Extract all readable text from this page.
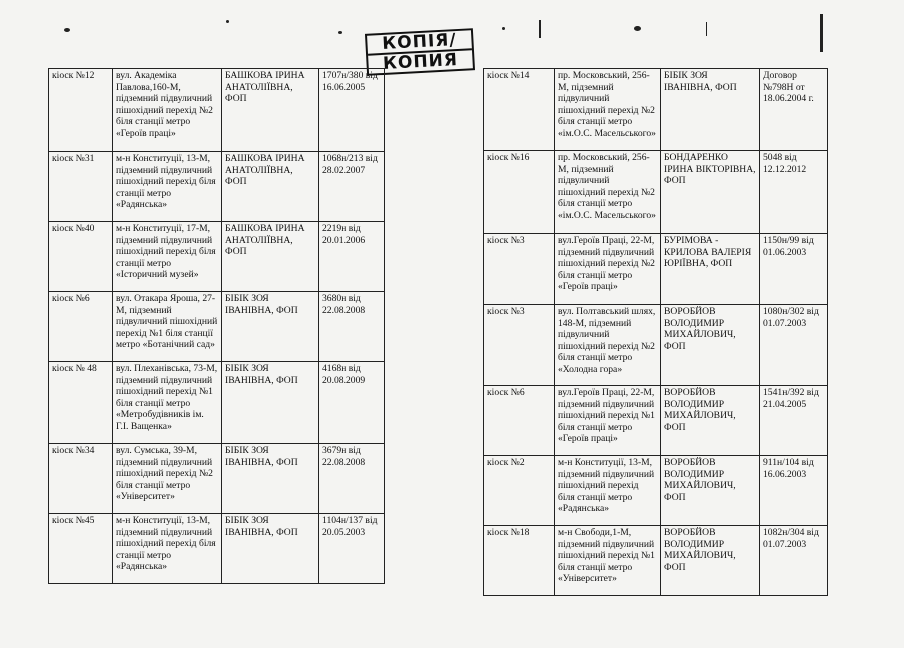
КОПІЯ/
КОПИЯ
кіоск №12	вул. Академіка Павлова,160-М, підземний підвуличний пішохідний перехід №2 біля станції метро «Героїв праці»	БАШКОВА ІРИНА АНАТОЛІЇВНА, ФОП	1707н/380 від 16.06.2005
кіоск №31	м-н Конституції, 13-М, підземний підвуличний пішохідний перехід біля станції метро «Радянська»	БАШКОВА ІРИНА АНАТОЛІЇВНА, ФОП	1068н/213 від 28.02.2007
кіоск №40	м-н Конституції, 17-М, підземний підвуличний пішохідний перехід біля станції метро «Історичний музей»	БАШКОВА ІРИНА АНАТОЛІЇВНА, ФОП	2219н від 20.01.2006
кіоск №6	вул. Отакара Яроша, 27-М, підземний підвуличний пішохідний перехід №1 біля станції метро «Ботанічний сад»	БІБІК ЗОЯ ІВАНІВНА, ФОП	3680н від 22.08.2008
кіоск № 48	вул. Плеханівська, 73-М, підземний підвуличний пішохідний перехід №1 біля станції метро «Метробудівників ім. Г.І. Ващенка»	БІБІК ЗОЯ ІВАНІВНА, ФОП	4168н від 20.08.2009
кіоск №34	вул. Сумська, 39-М, підземний підвуличний пішохідний перехід №2 біля станції метро «Університет»	БІБІК ЗОЯ ІВАНІВНА, ФОП	3679н від 22.08.2008
кіоск №45	м-н Конституції, 13-М, підземний підвуличний пішохідний перехід біля станції метро «Радянська»	БІБІК ЗОЯ ІВАНІВНА, ФОП	1104н/137 від 20.05.2003
кіоск №14	пр. Московський, 256-М, підземний підвуличний пішохідний перехід №2 біля станції метро «ім.О.С. Масельського»	БІБІК ЗОЯ ІВАНІВНА, ФОП	Договор №798Н от 18.06.2004 г.
кіоск №16	пр. Московський, 256-М, підземний підвуличний пішохідний перехід №2 біля станції метро «ім.О.С. Масельського»	БОНДАРЕНКО ІРИНА ВІКТОРІВНА, ФОП	5048 від 12.12.2012
кіоск №3	вул.Героїв Праці, 22-М, підземний підвуличний пішохідний перехід №2 біля станції метро «Героїв праці»	БУРІМОВА - КРИЛОВА ВАЛЕРІЯ ЮРІЇВНА, ФОП	1150н/99 від 01.06.2003
кіоск №3	вул. Полтавський шлях, 148-М, підземний підвуличний пішохідний перехід №2 біля станції метро «Холодна гора»	ВОРОБЙОВ ВОЛОДИМИР МИХАЙЛОВИЧ, ФОП	1080н/302 від 01.07.2003
кіоск №6	вул.Героїв Праці, 22-М, підземний підвуличний пішохідний перехід №1 біля станції метро «Героїв праці»	ВОРОБЙОВ ВОЛОДИМИР МИХАЙЛОВИЧ, ФОП	1541н/392 від 21.04.2005
кіоск №2	м-н Конституції, 13-М, підземний підвуличний пішохідний перехід біля станції метро «Радянська»	ВОРОБЙОВ ВОЛОДИМИР МИХАЙЛОВИЧ, ФОП	911н/104 від 16.06.2003
кіоск №18	м-н Свободи,1-М, підземний підвуличний пішохідний перехід №1 біля станції метро «Університет»	ВОРОБЙОВ ВОЛОДИМИР МИХАЙЛОВИЧ, ФОП	1082н/304 від 01.07.2003
